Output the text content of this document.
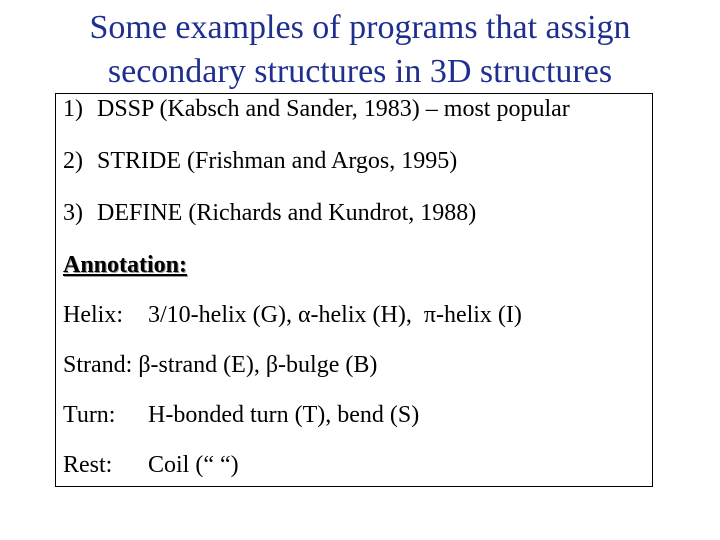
Some examples of programs that assign
secondary structures in 3D structures
1) DSSP (Kabsch and Sander, 1983) – most popular
2) STRIDE (Frishman and Argos, 1995)
3) DEFINE (Richards and Kundrot, 1988)
Annotation:
Helix: 3/10-helix (G), α-helix (H),  π-helix (I)
Strand: β-strand (E), β-bulge (B)
Turn: H-bonded turn (T), bend (S)
Rest: Coil (“ “)
